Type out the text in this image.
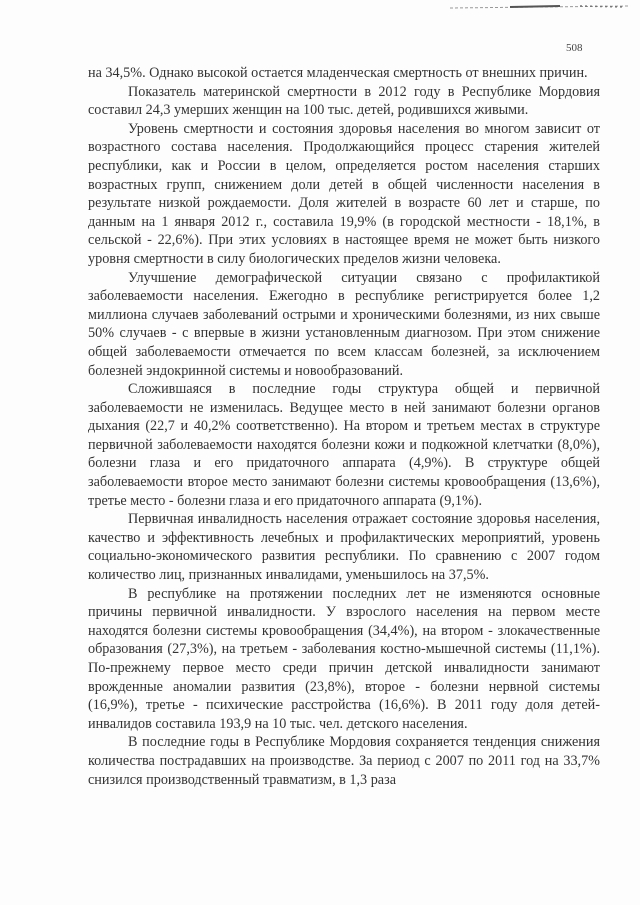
508

на 34,5%. Однако высокой остается младенческая смертность от внешних причин.

Показатель материнской смертности в 2012 году в Республике Мордовия составил 24,3 умерших женщин на 100 тыс. детей, родившихся живыми.

Уровень смертности и состояния здоровья населения во многом зависит от возрастного состава населения. Продолжающийся процесс старения жителей республики, как и России в целом, определяется ростом населения старших возрастных групп, снижением доли детей в общей численности населения в результате низкой рождаемости. Доля жителей в возрасте 60 лет и старше, по данным на 1 января 2012 г., составила 19,9% (в городской местности - 18,1%, в сельской - 22,6%). При этих условиях в настоящее время не может быть низкого уровня смертности в силу биологических пределов жизни человека.

Улучшение демографической ситуации связано с профилактикой заболеваемости населения. Ежегодно в республике регистрируется более 1,2 миллиона случаев заболеваний острыми и хроническими болезнями, из них свыше 50% случаев - с впервые в жизни установленным диагнозом. При этом снижение общей заболеваемости отмечается по всем классам болезней, за исключением болезней эндокринной системы и новообразований.

Сложившаяся в последние годы структура общей и первичной заболеваемости не изменилась. Ведущее место в ней занимают болезни органов дыхания (22,7 и 40,2% соответственно). На втором и третьем местах в структуре первичной заболеваемости находятся болезни кожи и подкожной клетчатки (8,0%), болезни глаза и его придаточного аппарата (4,9%). В структуре общей заболеваемости второе место занимают болезни системы кровообращения (13,6%), третье место - болезни глаза и его придаточного аппарата (9,1%).

Первичная инвалидность населения отражает состояние здоровья населения, качество и эффективность лечебных и профилактических мероприятий, уровень социально-экономического развития республики. По сравнению с 2007 годом количество лиц, признанных инвалидами, уменьшилось на 37,5%.

В республике на протяжении последних лет не изменяются основные причины первичной инвалидности. У взрослого населения на первом месте находятся болезни системы кровообращения (34,4%), на втором - злокачественные образования (27,3%), на третьем - заболевания костно-мышечной системы (11,1%). По-прежнему первое место среди причин детской инвалидности занимают врожденные аномалии развития (23,8%), второе - болезни нервной системы (16,9%), третье - психические расстройства (16,6%). В 2011 году доля детей-инвалидов составила 193,9 на 10 тыс. чел. детского населения.

В последние годы в Республике Мордовия сохраняется тенденция снижения количества пострадавших на производстве. За период с 2007 по 2011 год на 33,7% снизился производственный травматизм, в 1,3 раза
